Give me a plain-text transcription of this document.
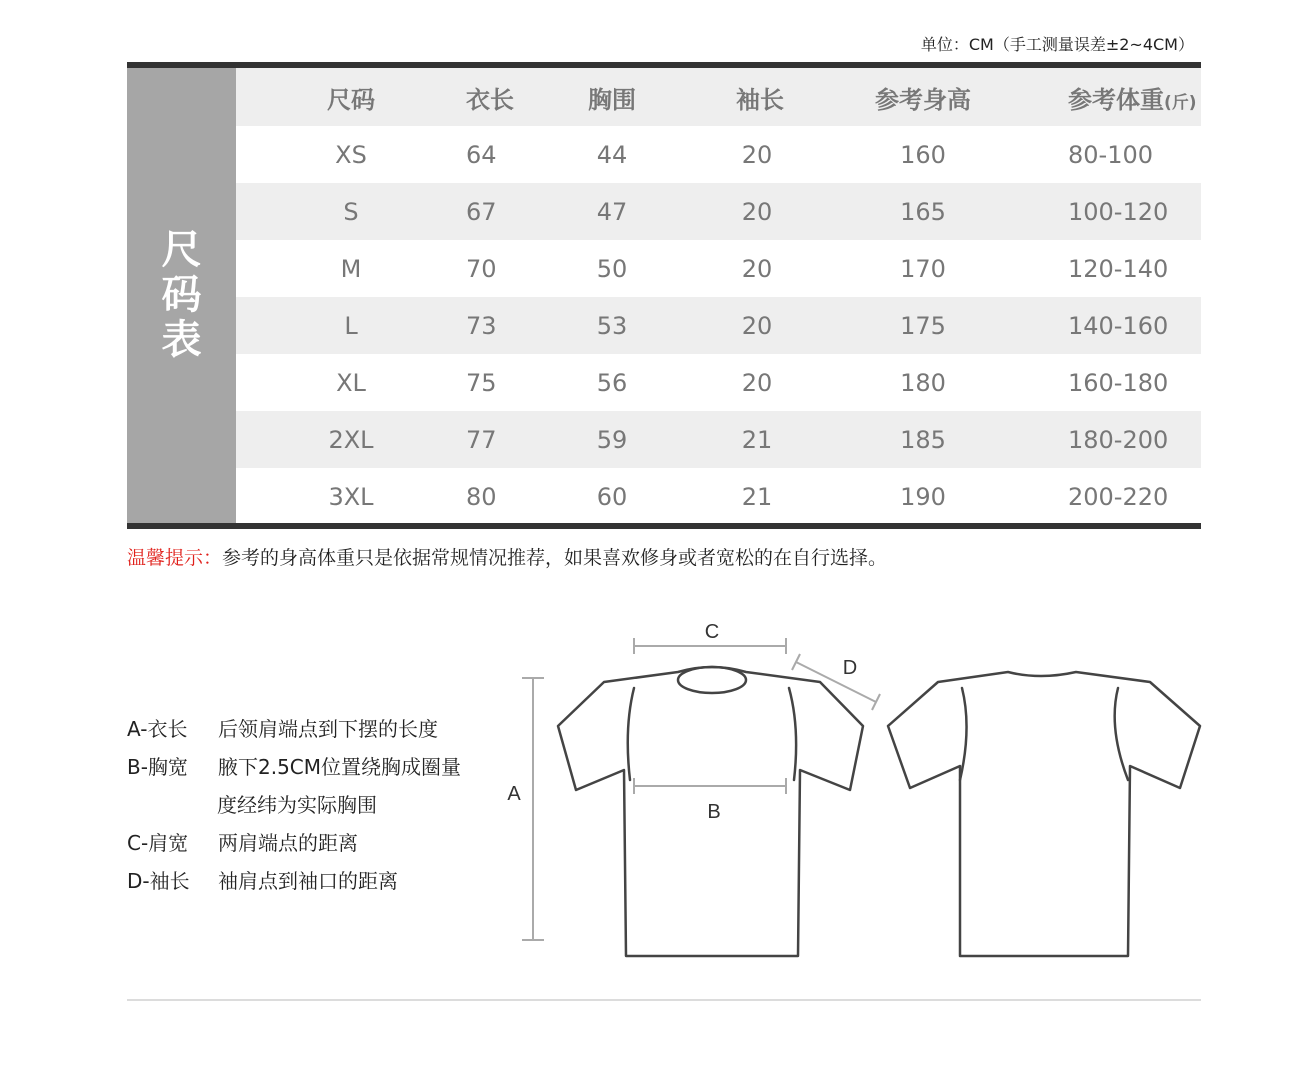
单位：CM（手工测量误差±2~4CM）
尺码表
尺码	衣长	胸围	袖长	参考身高	参考体重(斤)
XS	64	44	20	160	80-100
S	67	47	20	165	100-120
M	70	50	20	170	120-140
L	73	53	20	175	140-160
XL	75	56	20	180	160-180
2XL	77	59	21	185	180-200
3XL	80	60	21	190	200-220
温馨提示：参考的身高体重只是依据常规情况推荐，如果喜欢修身或者宽松的在自行选择。
A-衣长	后领肩端点到下摆的长度
B-胸宽	腋下2.5CM位置绕胸成圈量
度经纬为实际胸围
C-肩宽	两肩端点的距离
D-袖长	袖肩点到袖口的距离
A
B
C
D
